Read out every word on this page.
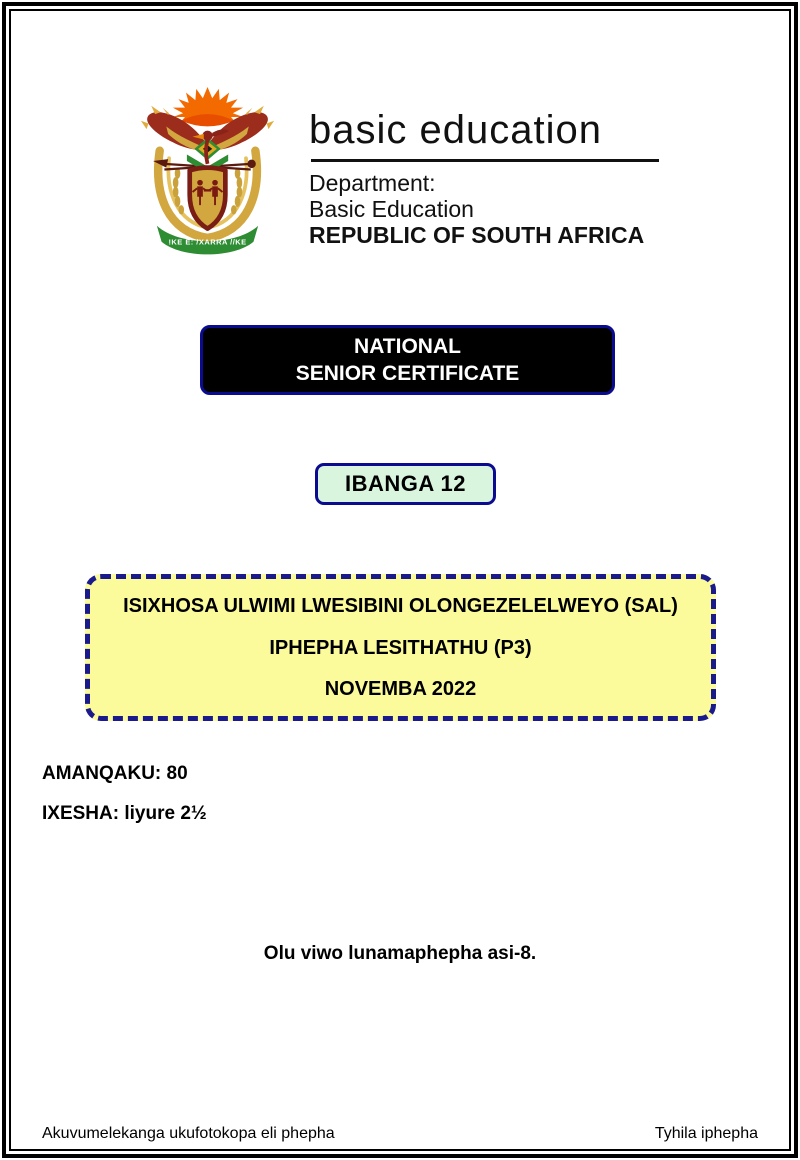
!KE E: /XARRA //KE
basic education
Department:
Basic Education
REPUBLIC OF SOUTH AFRICA
NATIONAL
SENIOR CERTIFICATE
IBANGA 12
ISIXHOSA ULWIMI LWESIBINI OLONGEZELELWEYO (SAL)
IPHEPHA LESITHATHU (P3)
NOVEMBA 2022
AMANQAKU: 80
IXESHA: liyure 2½
Olu viwo lunamaphepha asi-8.
Akuvumelekanga ukufotokopa eli phepha	Tyhila iphepha
